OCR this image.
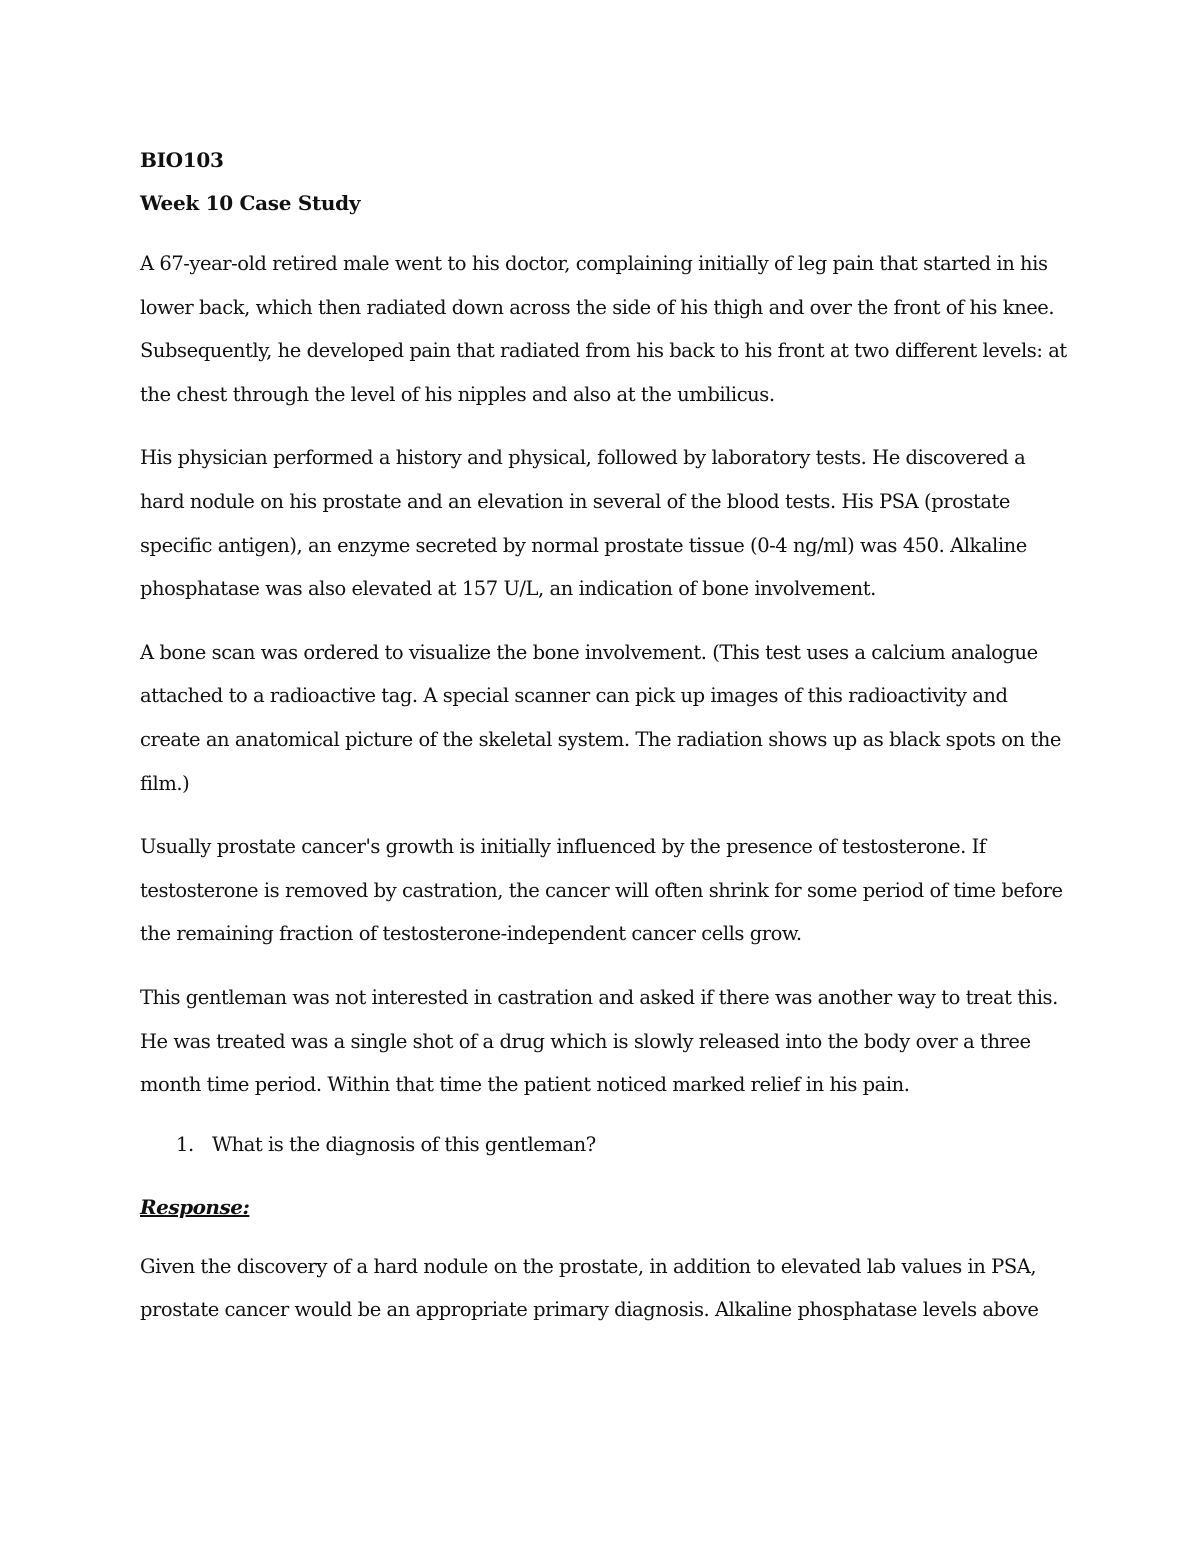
BIO103
Week 10 Case Study
A 67-year-old retired male went to his doctor, complaining initially of leg pain that started in his
lower back, which then radiated down across the side of his thigh and over the front of his knee.
Subsequently, he developed pain that radiated from his back to his front at two different levels: at
the chest through the level of his nipples and also at the umbilicus.
His physician performed a history and physical, followed by laboratory tests. He discovered a
hard nodule on his prostate and an elevation in several of the blood tests. His PSA (prostate
specific antigen), an enzyme secreted by normal prostate tissue (0-4 ng/ml) was 450. Alkaline
phosphatase was also elevated at 157 U/L, an indication of bone involvement.
A bone scan was ordered to visualize the bone involvement. (This test uses a calcium analogue
attached to a radioactive tag. A special scanner can pick up images of this radioactivity and
create an anatomical picture of the skeletal system. The radiation shows up as black spots on the
film.)
Usually prostate cancer's growth is initially influenced by the presence of testosterone. If
testosterone is removed by castration, the cancer will often shrink for some period of time before
the remaining fraction of testosterone-independent cancer cells grow.
This gentleman was not interested in castration and asked if there was another way to treat this.
He was treated was a single shot of a drug which is slowly released into the body over a three
month time period. Within that time the patient noticed marked relief in his pain.
1. What is the diagnosis of this gentleman?
Response:
Given the discovery of a hard nodule on the prostate, in addition to elevated lab values in PSA,
prostate cancer would be an appropriate primary diagnosis. Alkaline phosphatase levels above
